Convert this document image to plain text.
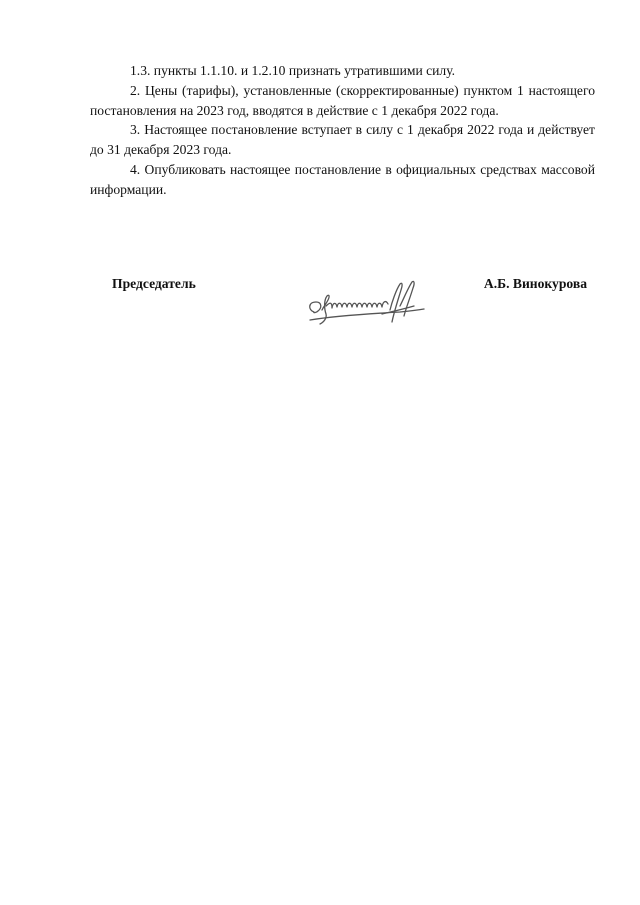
1.3. пункты 1.1.10. и 1.2.10 признать утратившими силу.

2. Цены (тарифы), установленные (скорректированные) пунктом 1 настоящего постановления на 2023 год, вводятся в действие с 1 декабря 2022 года.

3. Настоящее постановление вступает в силу с 1 декабря 2022 года и действует до 31 декабря 2023 года.

4. Опубликовать настоящее постановление в официальных средствах массовой информации.

Председатель	А.Б. Винокурова
